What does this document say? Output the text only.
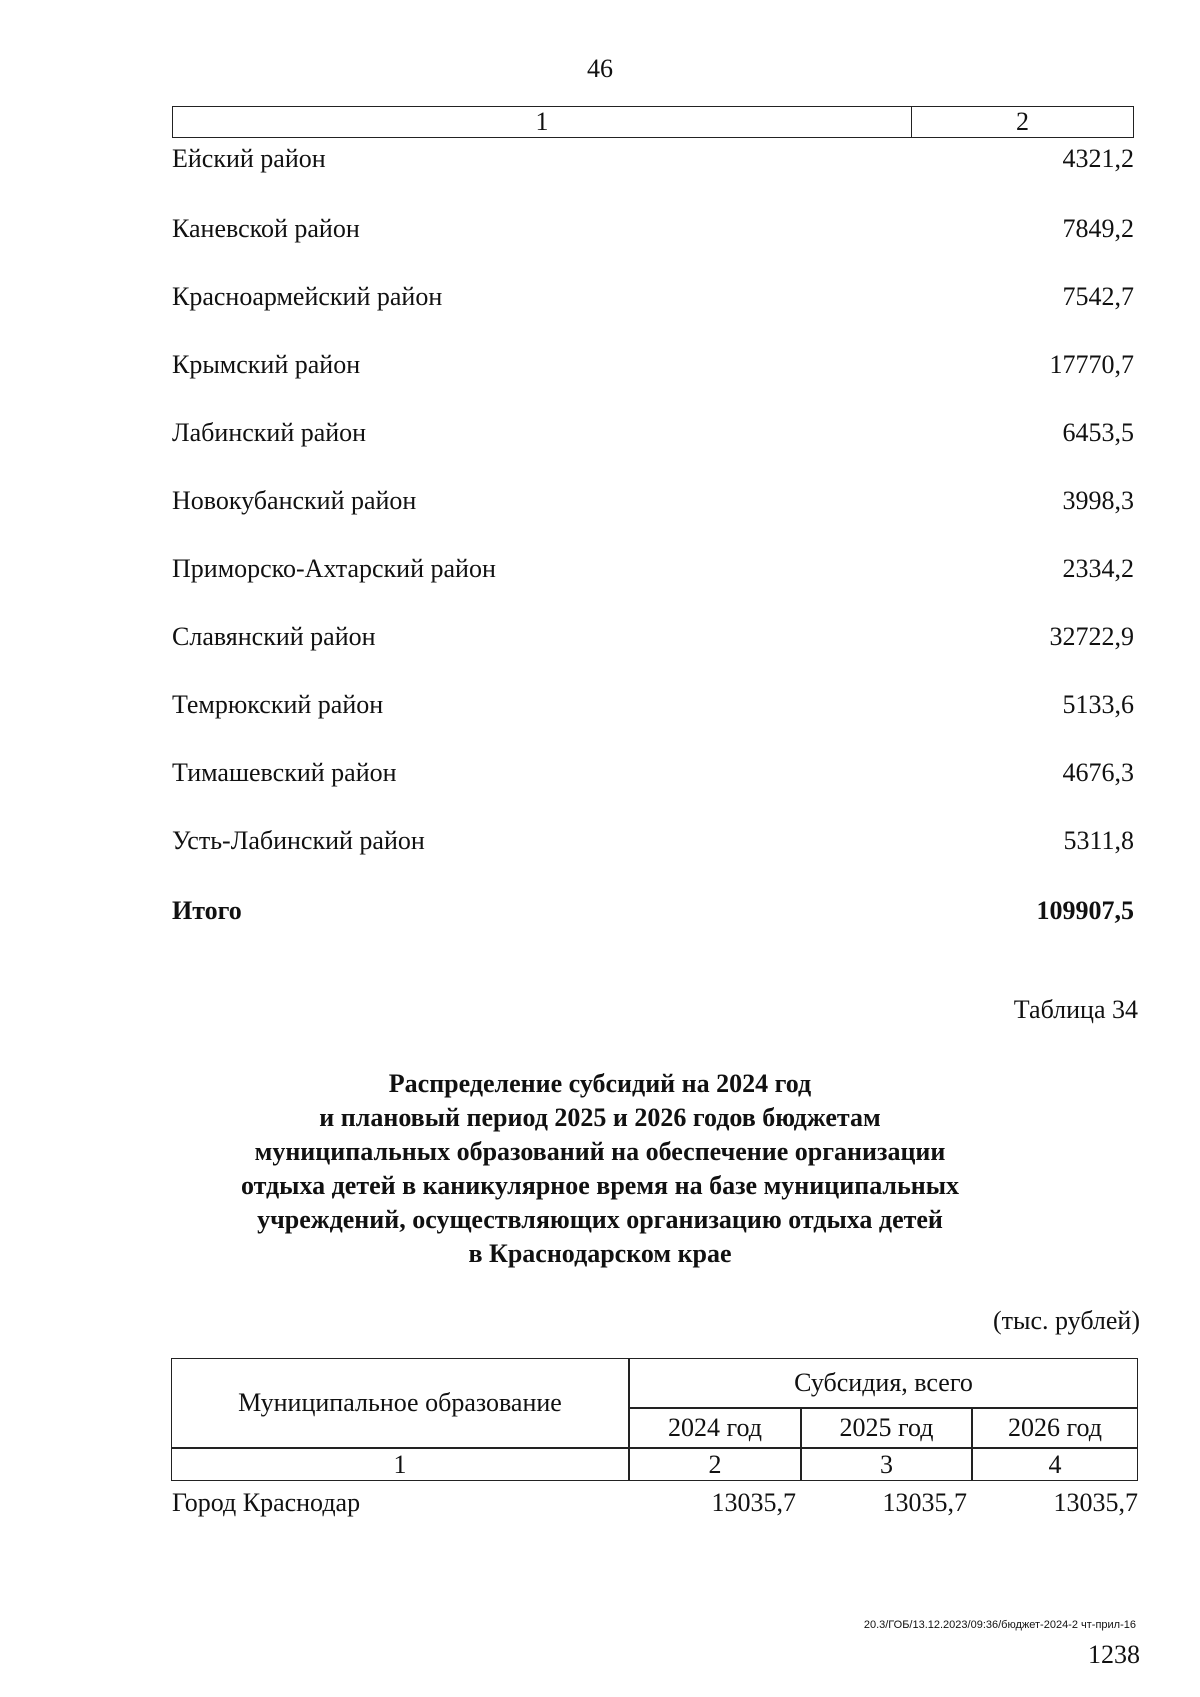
46
1	2
Ейский район	4321,2
Каневской район	7849,2
Красноармейский район	7542,7
Крымский район	17770,7
Лабинский район	6453,5
Новокубанский район	3998,3
Приморско-Ахтарский район	2334,2
Славянский район	32722,9
Темрюкский район	5133,6
Тимашевский район	4676,3
Усть-Лабинский район	5311,8
Итого	109907,5
Таблица 34
Распределение субсидий на 2024 год
и плановый период 2025 и 2026 годов бюджетам
муниципальных образований на обеспечение организации
отдыха детей в каникулярное время на базе муниципальных
учреждений, осуществляющих организацию отдыха детей
в Краснодарском крае
(тыс. рублей)
Муниципальное образование
Субсидия, всего
2024 год	2025 год	2026 год
1	2	3	4
Город Краснодар	13035,7	13035,7	13035,7
20.3/ГОБ/13.12.2023/09:36/бюджет-2024-2 чт-прил-16
1238
